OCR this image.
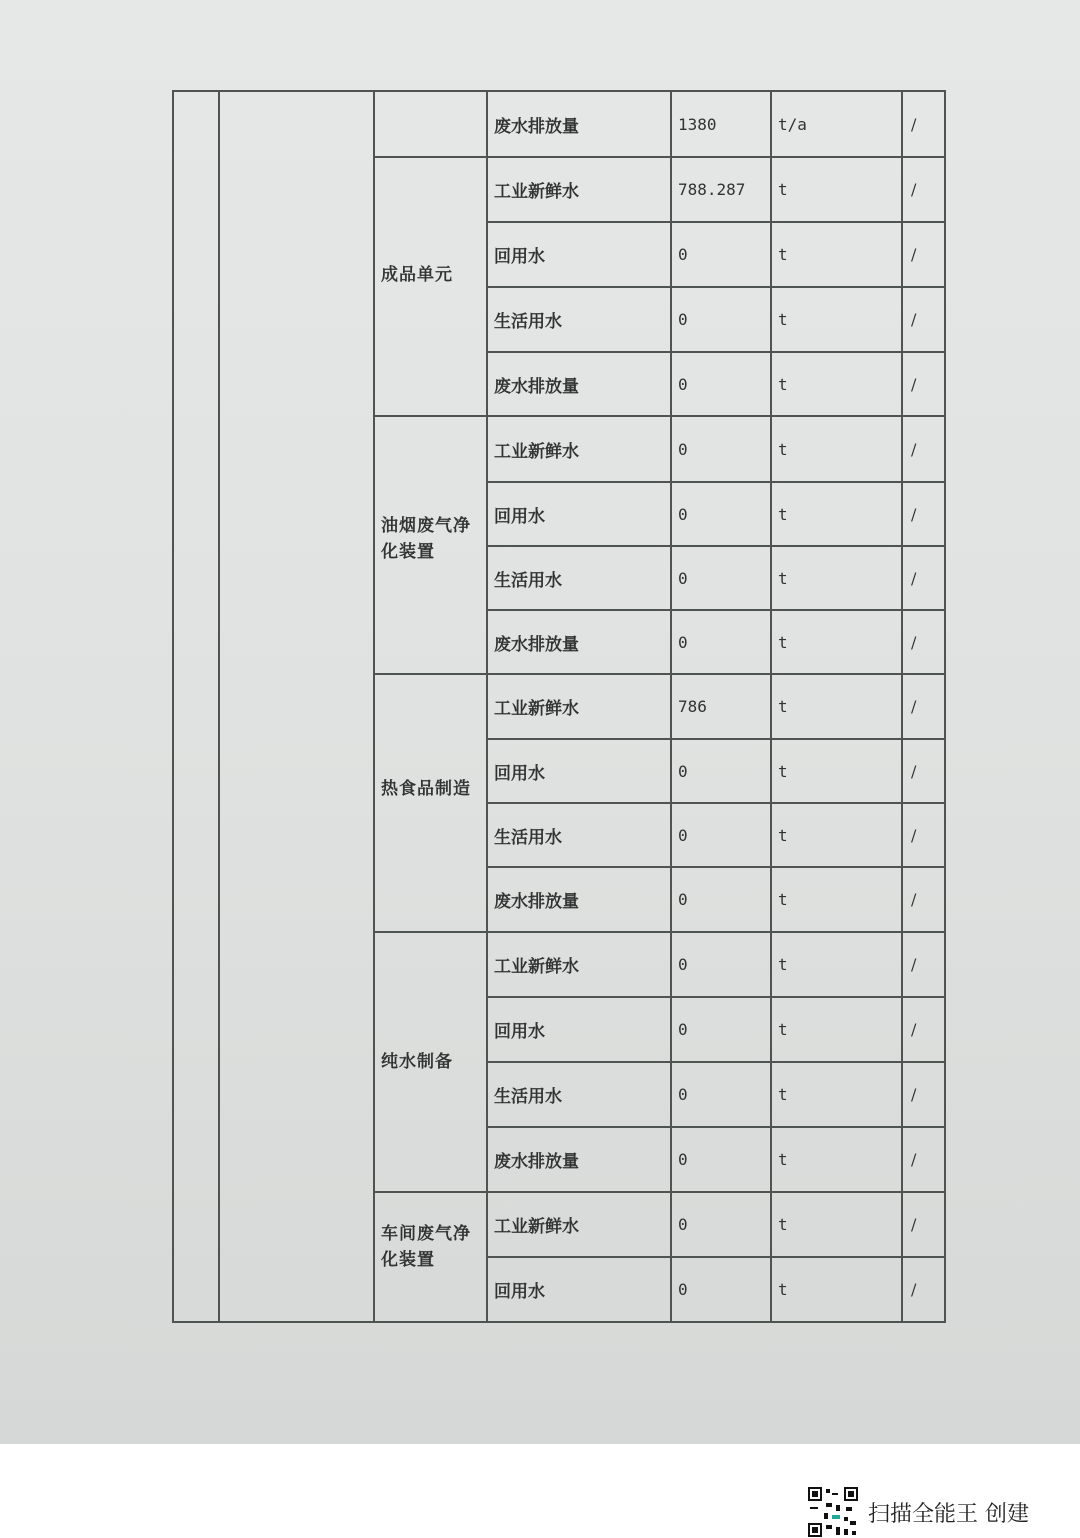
			废水排放量	1380	t/a	/
		成品单元	工业新鲜水	788.287	t	/
			回用水	0	t	/
			生活用水	0	t	/
			废水排放量	0	t	/
		油烟废气净化装置	工业新鲜水	0	t	/
			回用水	0	t	/
			生活用水	0	t	/
			废水排放量	0	t	/
		热食品制造	工业新鲜水	786	t	/
			回用水	0	t	/
			生活用水	0	t	/
			废水排放量	0	t	/
		纯水制备	工业新鲜水	0	t	/
			回用水	0	t	/
			生活用水	0	t	/
			废水排放量	0	t	/
		车间废气净化装置	工业新鲜水	0	t	/
			回用水	0	t	/
扫描全能王 创建
